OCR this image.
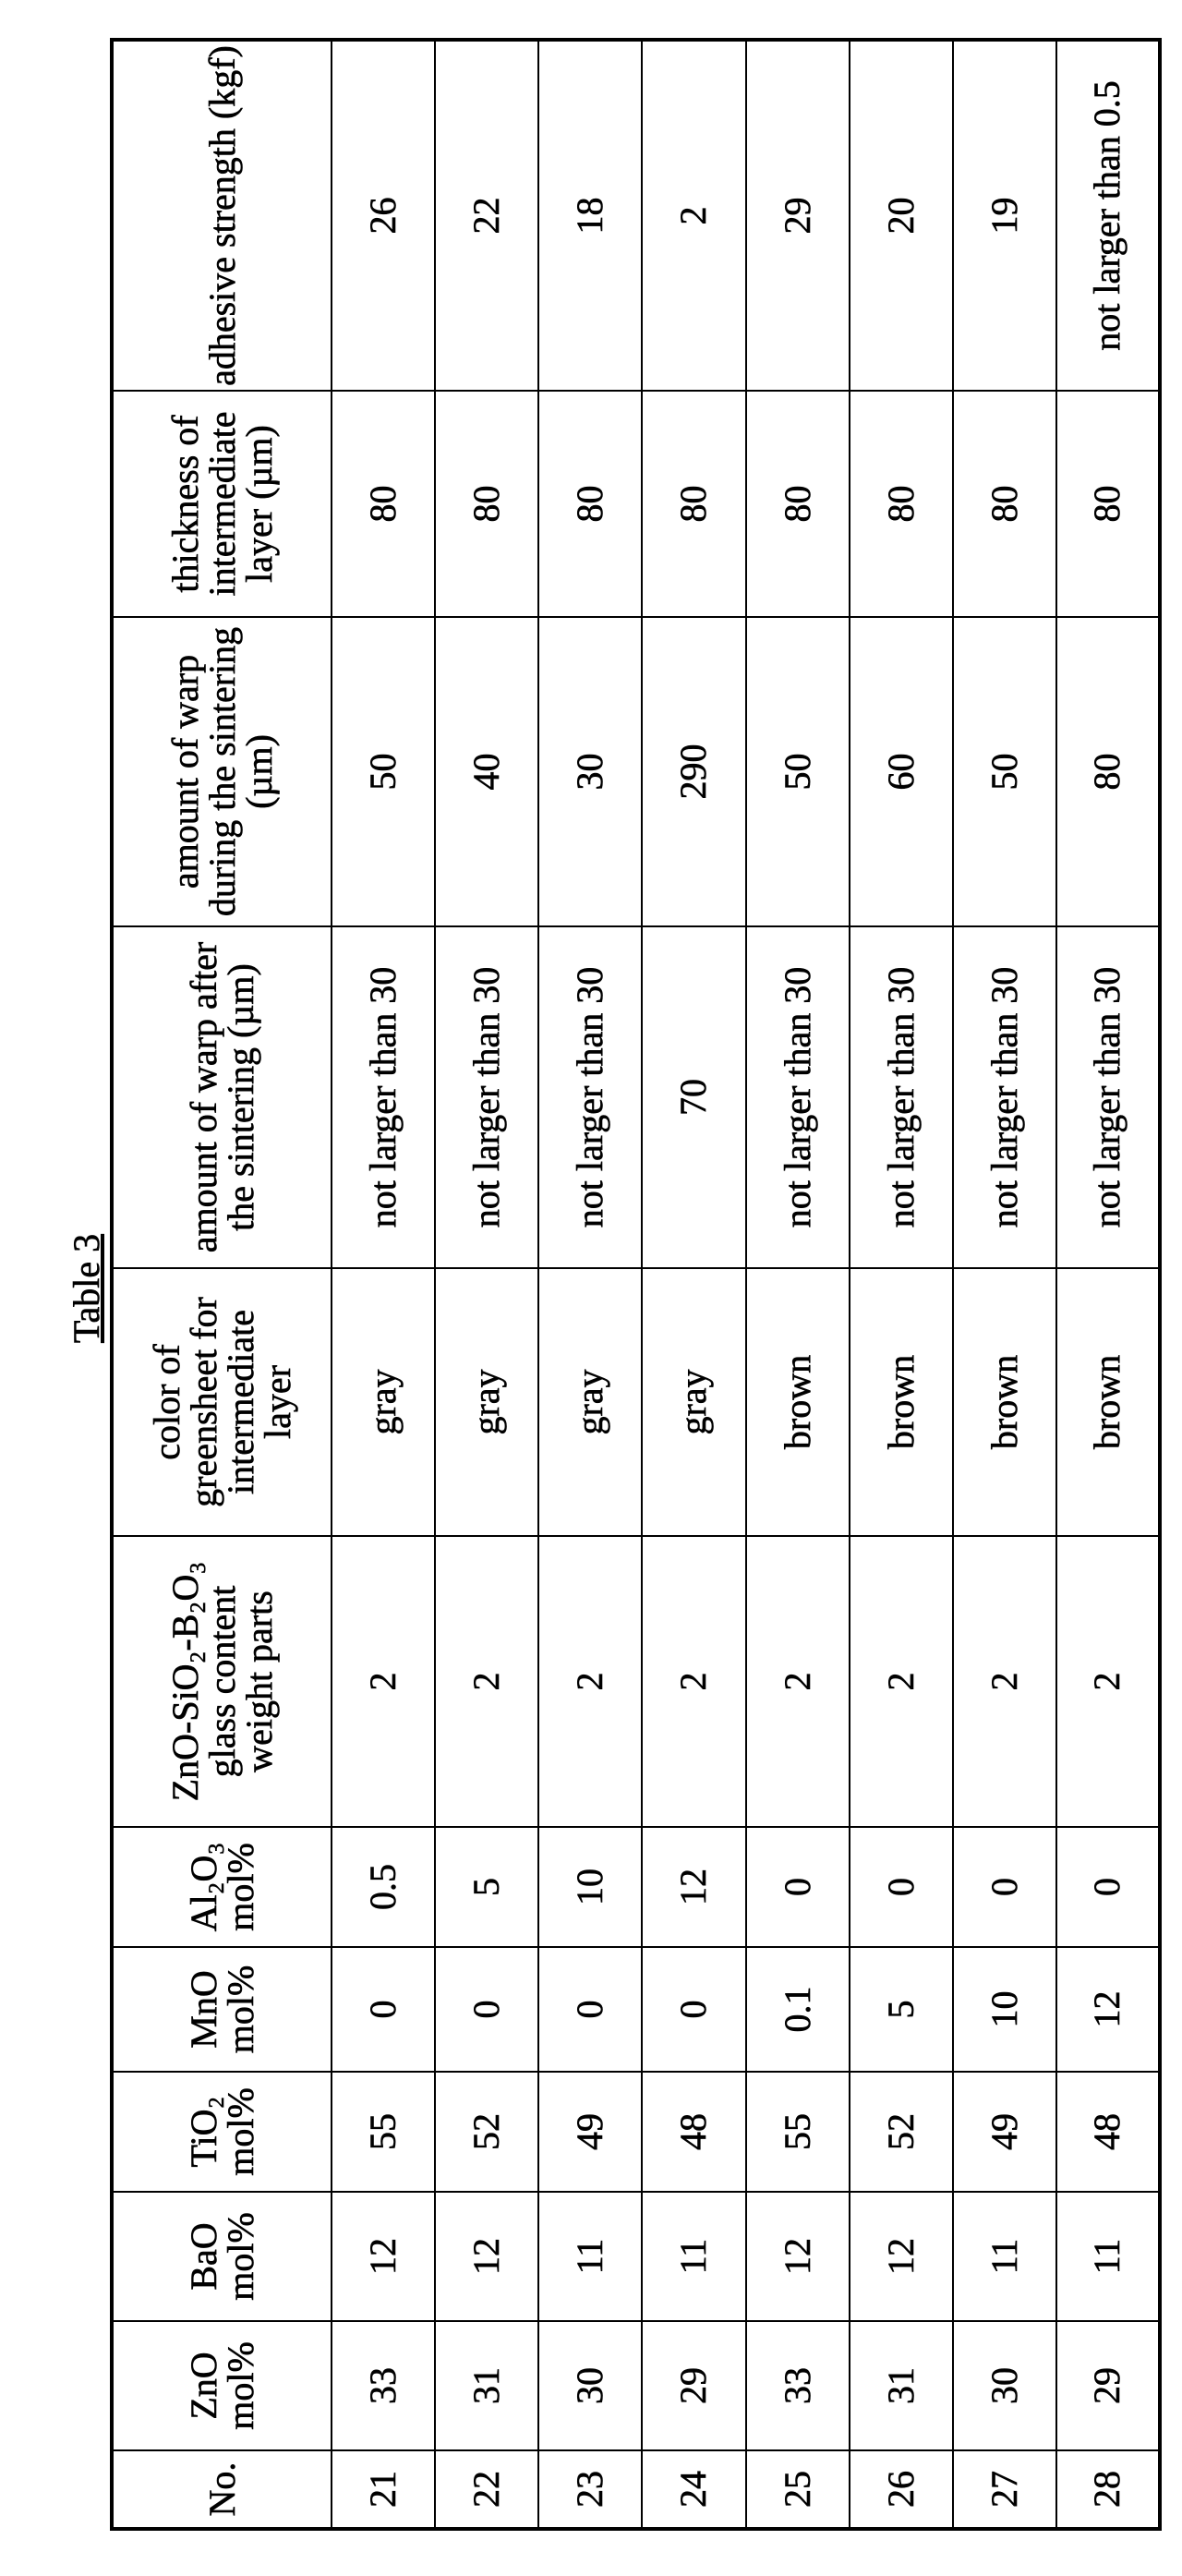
Table 3
No.	ZnO mol%	BaO mol%	TiO₂ mol%	MnO mol%	Al₂O₃ mol%	ZnO-SiO₂-B₂O₃ glass content weight parts	color of greensheet for intermediate layer	amount of warp after the sintering (µm)	amount of warp during the sintering (µm)	thickness of intermediate layer (µm)	adhesive strength (kgf)
21	33	12	55	0	0.5	2	gray	not larger than 30	50	80	26
22	31	12	52	0	5	2	gray	not larger than 30	40	80	22
23	30	11	49	0	10	2	gray	not larger than 30	30	80	18
24	29	11	48	0	12	2	gray	70	290	80	2
25	33	12	55	0.1	0	2	brown	not larger than 30	50	80	29
26	31	12	52	5	0	2	brown	not larger than 30	60	80	20
27	30	11	49	10	0	2	brown	not larger than 30	50	80	19
28	29	11	48	12	0	2	brown	not larger than 30	80	80	not larger than 0.5
